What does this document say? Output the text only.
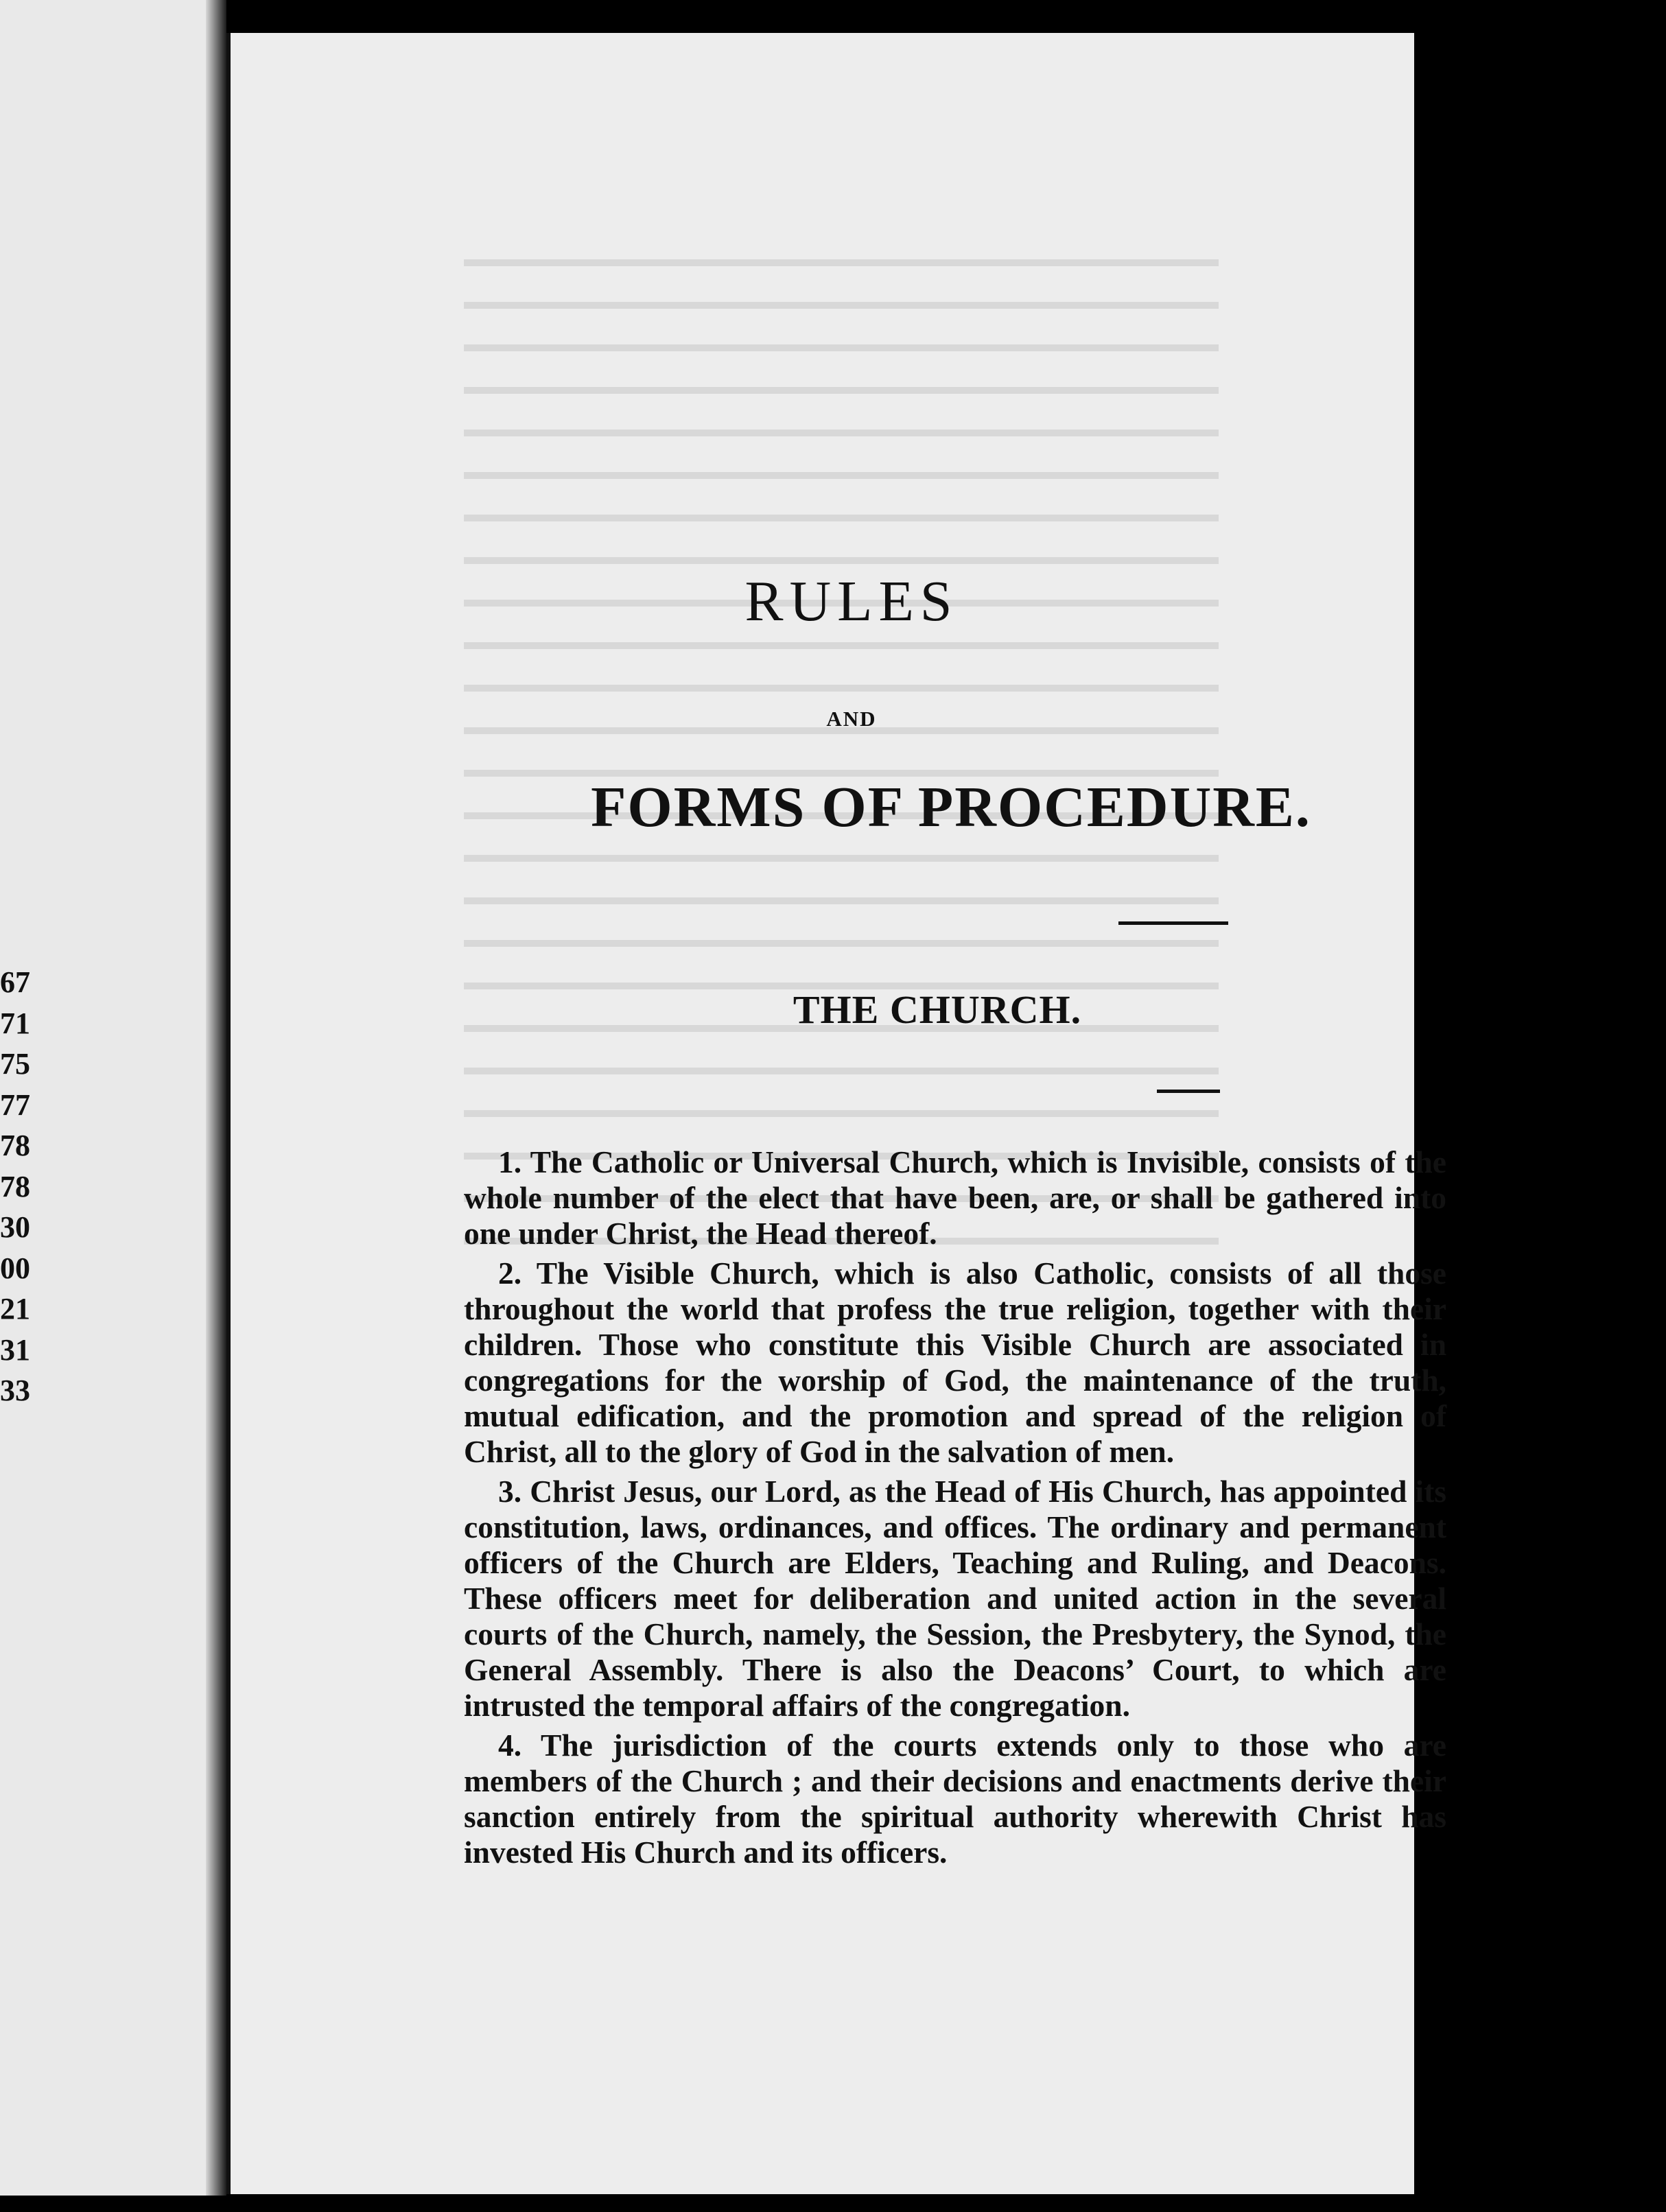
67
71
75
77
78
78
30
00
21
31
33
RULES
AND
FORMS OF PROCEDURE.
THE CHURCH.

1. The Catholic or Universal Church, which is Invisible, consists of the whole number of the elect that have been, are, or shall be gathered into one under Christ, the Head thereof.

2. The Visible Church, which is also Catholic, consists of all those throughout the world that profess the true religion, together with their children. Those who constitute this Visible Church are associated in congregations for the worship of God, the maintenance of the truth, mutual edification, and the promotion and spread of the religion of Christ, all to the glory of God in the salvation of men.

3. Christ Jesus, our Lord, as the Head of His Church, has appointed its constitution, laws, ordinances, and offices. The ordinary and permanent officers of the Church are Elders, Teaching and Ruling, and Deacons. These officers meet for deliberation and united action in the several courts of the Church, namely, the Session, the Presbytery, the Synod, the General Assembly. There is also the Deacons’ Court, to which are intrusted the temporal affairs of the congregation.

4. The jurisdiction of the courts extends only to those who are members of the Church ; and their decisions and enactments derive their sanction entirely from the spiritual authority wherewith Christ has invested His Church and its officers.
